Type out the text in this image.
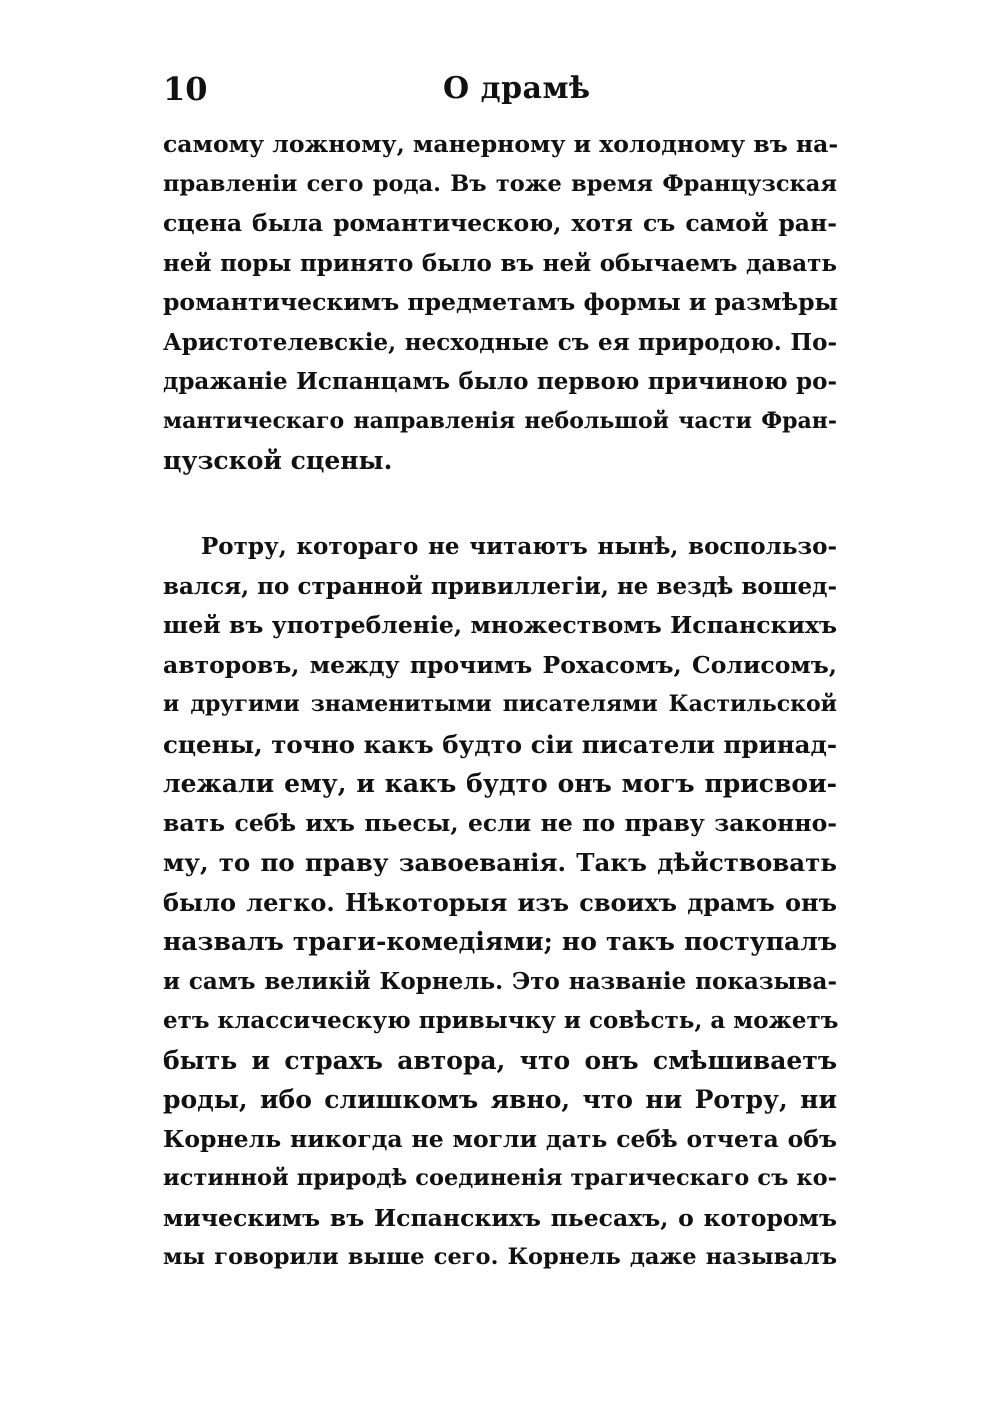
10	О драмѣ
самому ложному, манерному и холодному въ на-
правленіи сего рода. Въ тоже время Французская
сцена была романтическою, хотя съ самой ран-
ней поры принято было въ ней обычаемъ давать
романтическимъ предметамъ формы и размѣры
Аристотелевскіе, несходные съ ея природою. По-
дражаніе Испанцамъ было первою причиною ро-
мантическаго направленія небольшой части Фран-
цузской сцены.
Ротру, котораго не читаютъ нынѣ, воспользо-
вался, по странной привиллегіи, не вездѣ вошед-
шей въ употребленіе, множествомъ Испанскихъ
авторовъ, между прочимъ Рохасомъ, Солисомъ,
и другими знаменитыми писателями Кастильской
сцены, точно какъ будто сіи писатели принад-
лежали ему, и какъ будто онъ могъ присвои-
вать себѣ ихъ пьесы, если не по праву законно-
му, то по праву завоеванія. Такъ дѣйствовать
было легко. Нѣкоторыя изъ своихъ драмъ онъ
назвалъ траги-комедіями; но такъ поступалъ
и самъ великій Корнель. Это названіе показыва-
етъ классическую привычку и совѣсть, а можетъ
быть и страхъ автора, что онъ смѣшиваетъ
роды, ибо слишкомъ явно, что ни Ротру, ни
Корнель никогда не могли дать себѣ отчета объ
истинной природѣ соединенія трагическаго съ ко-
мическимъ въ Испанскихъ пьесахъ, о которомъ
мы говорили выше сего. Корнель даже называлъ
